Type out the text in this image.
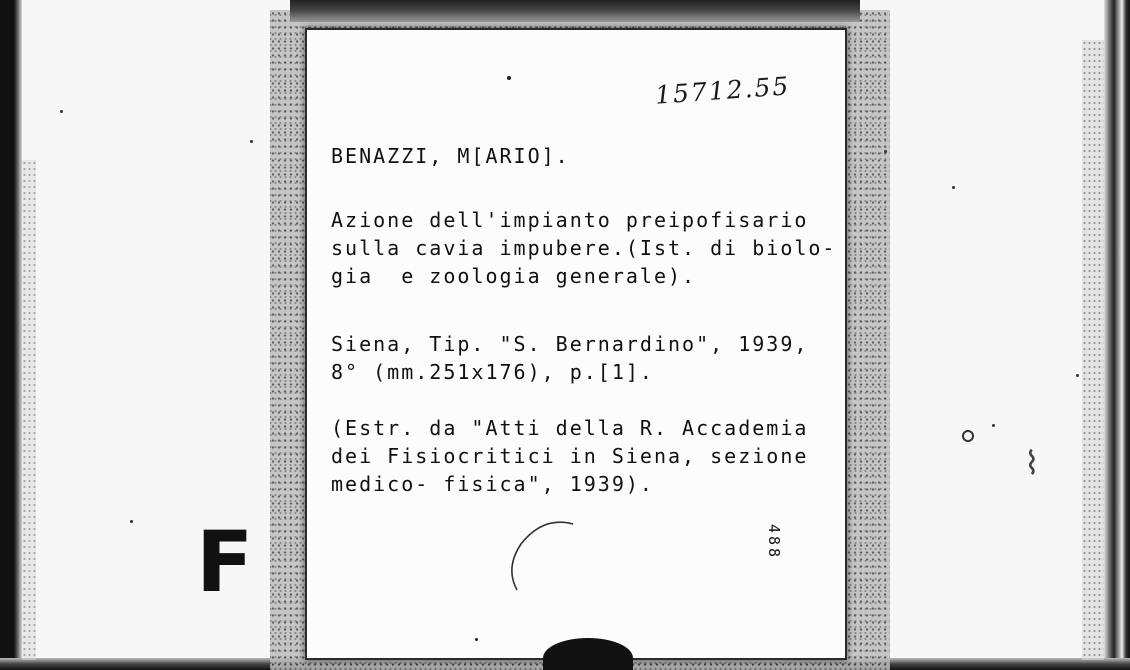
F
⌇
15712.55
BENAZZI, M[ARIO].
Azione dell'impianto preipofisario
sulla cavia impubere.(Ist. di biolo-
gia  e zoologia generale).
Siena, Tip. "S. Bernardino", 1939,
8° (mm.251x176), p.[1].
(Estr. da "Atti della R. Accademia
dei Fisiocritici in Siena, sezione
medico- fisica", 1939).
488
